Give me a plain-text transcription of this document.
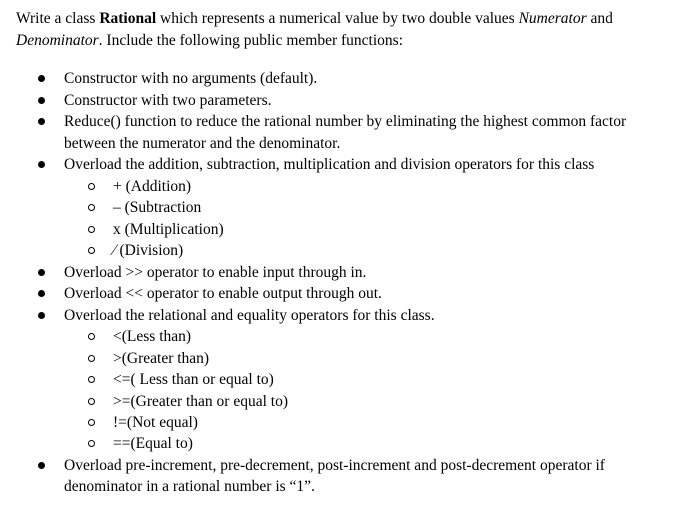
Write a class Rational which represents a numerical value by two double values Numerator and Denominator. Include the following public member functions:

Constructor with no arguments (default).
Constructor with two parameters.
Reduce() function to reduce the rational number by eliminating the highest common factor between the numerator and the denominator.
Overload the addition, subtraction, multiplication and division operators for this class
+ (Addition)
– (Subtraction
x (Multiplication)
⁄ (Division)
Overload >> operator to enable input through in.
Overload << operator to enable output through out.
Overload the relational and equality operators for this class.
<(Less than)
>(Greater than)
<=( Less than or equal to)
>=(Greater than or equal to)
!=(Not equal)
==(Equal to)
Overload pre-increment, pre-decrement, post-increment and post-decrement operator if denominator in a rational number is “1”.
